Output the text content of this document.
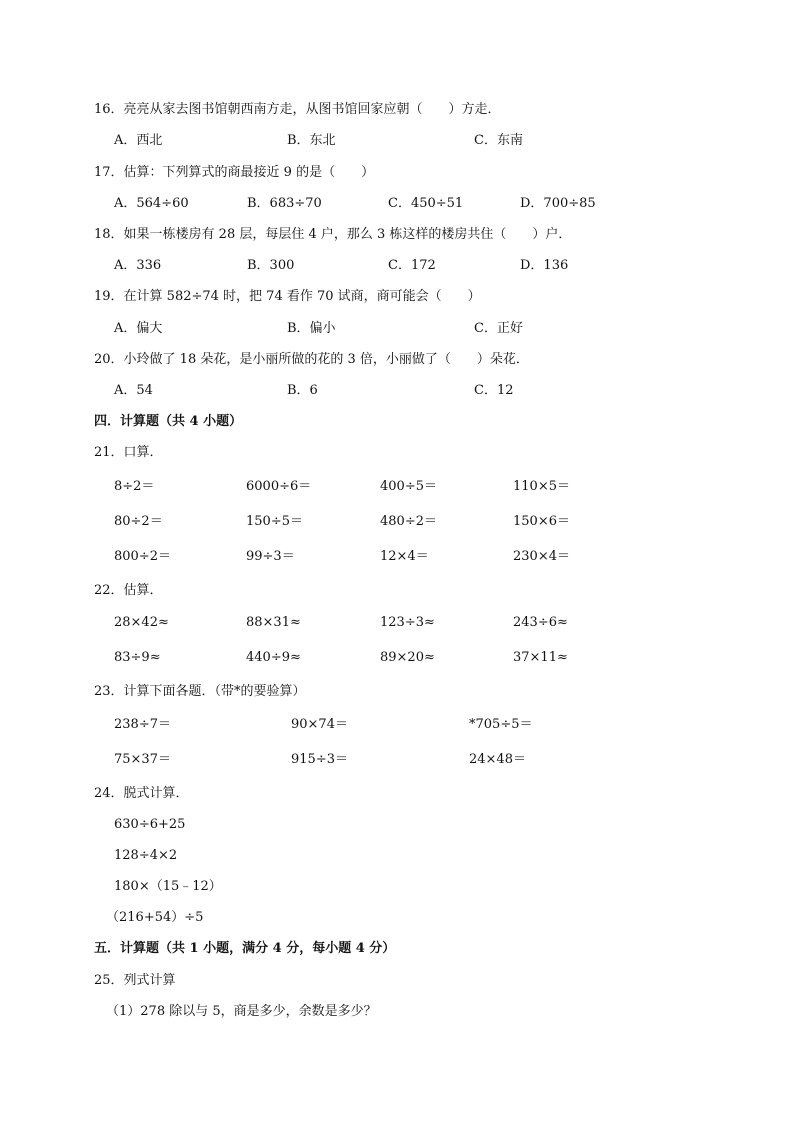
16．亮亮从家去图书馆朝西南方走，从图书馆回家应朝（　　）方走．
A．西北	B．东北	C．东南
17．估算：下列算式的商最接近 9 的是（　　）
A．564÷60	B．683÷70	C．450÷51	D．700÷85
18．如果一栋楼房有 28 层，每层住 4 户，那么 3 栋这样的楼房共住（　　）户．
A．336	B．300	C．172	D．136
19．在计算 582÷74 时，把 74 看作 70 试商，商可能会（　　）
A．偏大	B．偏小	C．正好
20．小玲做了 18 朵花，是小丽所做的花的 3 倍，小丽做了（　　）朵花．
A．54	B．6	C．12
四．计算题（共 4 小题）
21．口算．
8÷2＝	6000÷6＝	400÷5＝	110×5＝
80÷2＝	150÷5＝	480÷2＝	150×6＝
800÷2＝	99÷3＝	12×4＝	230×4＝
22．估算．
28×42≈	88×31≈	123÷3≈	243÷6≈
83÷9≈	440÷9≈	89×20≈	37×11≈
23．计算下面各题．（带*的要验算）
238÷7＝	90×74＝	*705÷5＝
75×37＝	915÷3＝	24×48＝
24．脱式计算．
630÷6+25
128÷4×2
180×（15﹣12）
（216+54）÷5
五．计算题（共 1 小题，满分 4 分，每小题 4 分）
25．列式计算
（1）278 除以与 5，商是多少，余数是多少？
